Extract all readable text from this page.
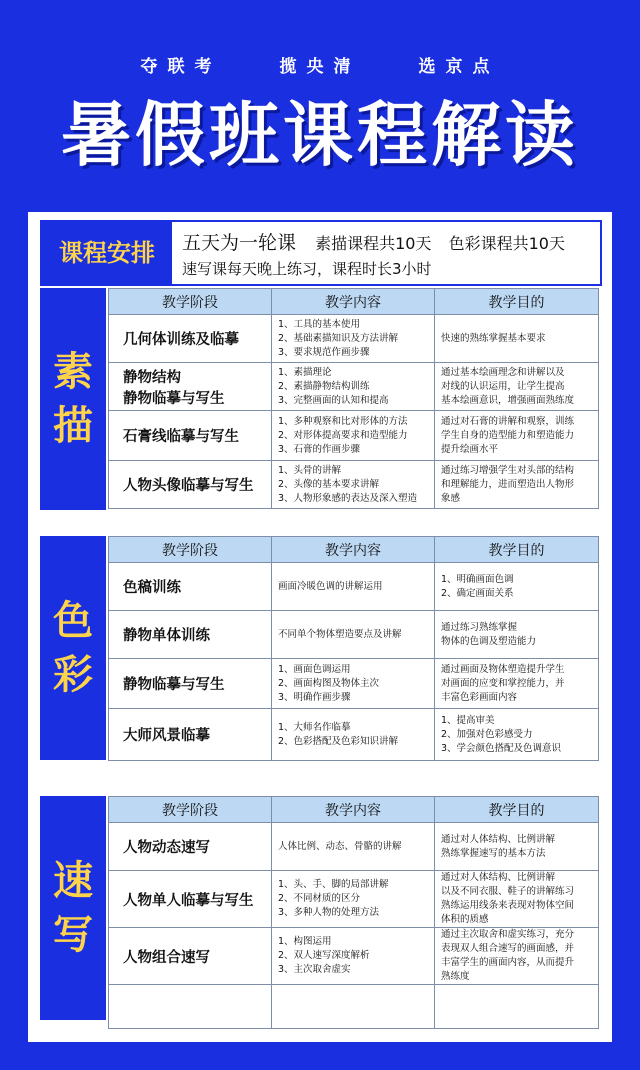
夺联考	揽央清	选京点
暑假班课程解读
课程安排	五天为一轮课 素描课程共10天 色彩课程共10天
速写课每天晚上练习，课程时长3小时
素
描
教学阶段	教学内容	教学目的

几何体训练及临摹	1、工具的基本使用
2、基础素描知识及方法讲解
3、要求规范作画步骤	快速的熟练掌握基本要求

静物结构
静物临摹与写生	1、素描理论
2、素描静物结构训练
3、完整画面的认知和提高	通过基本绘画理念和讲解以及
对线的认识运用，让学生提高
基本绘画意识，增强画面熟练度

石膏线临摹与写生	1、多种观察和比对形体的方法
2、对形体提高要求和造型能力
3、石膏的作画步骤	通过对石膏的讲解和观察，训练
学生自身的造型能力和塑造能力
提升绘画水平

人物头像临摹与写生	1、头骨的讲解
2、头像的基本要求讲解
3、人物形象感的表达及深入塑造	通过练习增强学生对头部的结构
和理解能力，进而塑造出人物形
象感
色
彩
教学阶段	教学内容	教学目的

色稿训练	画面冷暖色调的讲解运用	1、明确画面色调
2、确定画面关系

静物单体训练	不同单个物体塑造要点及讲解	通过练习熟练掌握
物体的色调及塑造能力

静物临摹与写生	1、画面色调运用
2、画面构图及物体主次
3、明确作画步骤	通过画面及物体塑造提升学生
对画面的应变和掌控能力，并
丰富色彩画面内容

大师风景临摹	1、大师名作临摹
2、色彩搭配及色彩知识讲解	1、提高审美
2、加强对色彩感受力
3、学会颜色搭配及色调意识
速
写
教学阶段	教学内容	教学目的

人物动态速写	人体比例、动态、骨骼的讲解	通过对人体结构、比例讲解
熟练掌握速写的基本方法

人物单人临摹与写生	1、头、手、脚的局部讲解
2、不同材质的区分
3、多种人物的处理方法	通过对人体结构、比例讲解
以及不同衣服、鞋子的讲解练习
熟练运用线条来表现对物体空间
体积的质感

人物组合速写	1、构图运用
2、双人速写深度解析
3、主次取舍虚实	通过主次取舍和虚实练习，充分
表现双人组合速写的画面感，并
丰富学生的画面内容，从而提升
熟练度
